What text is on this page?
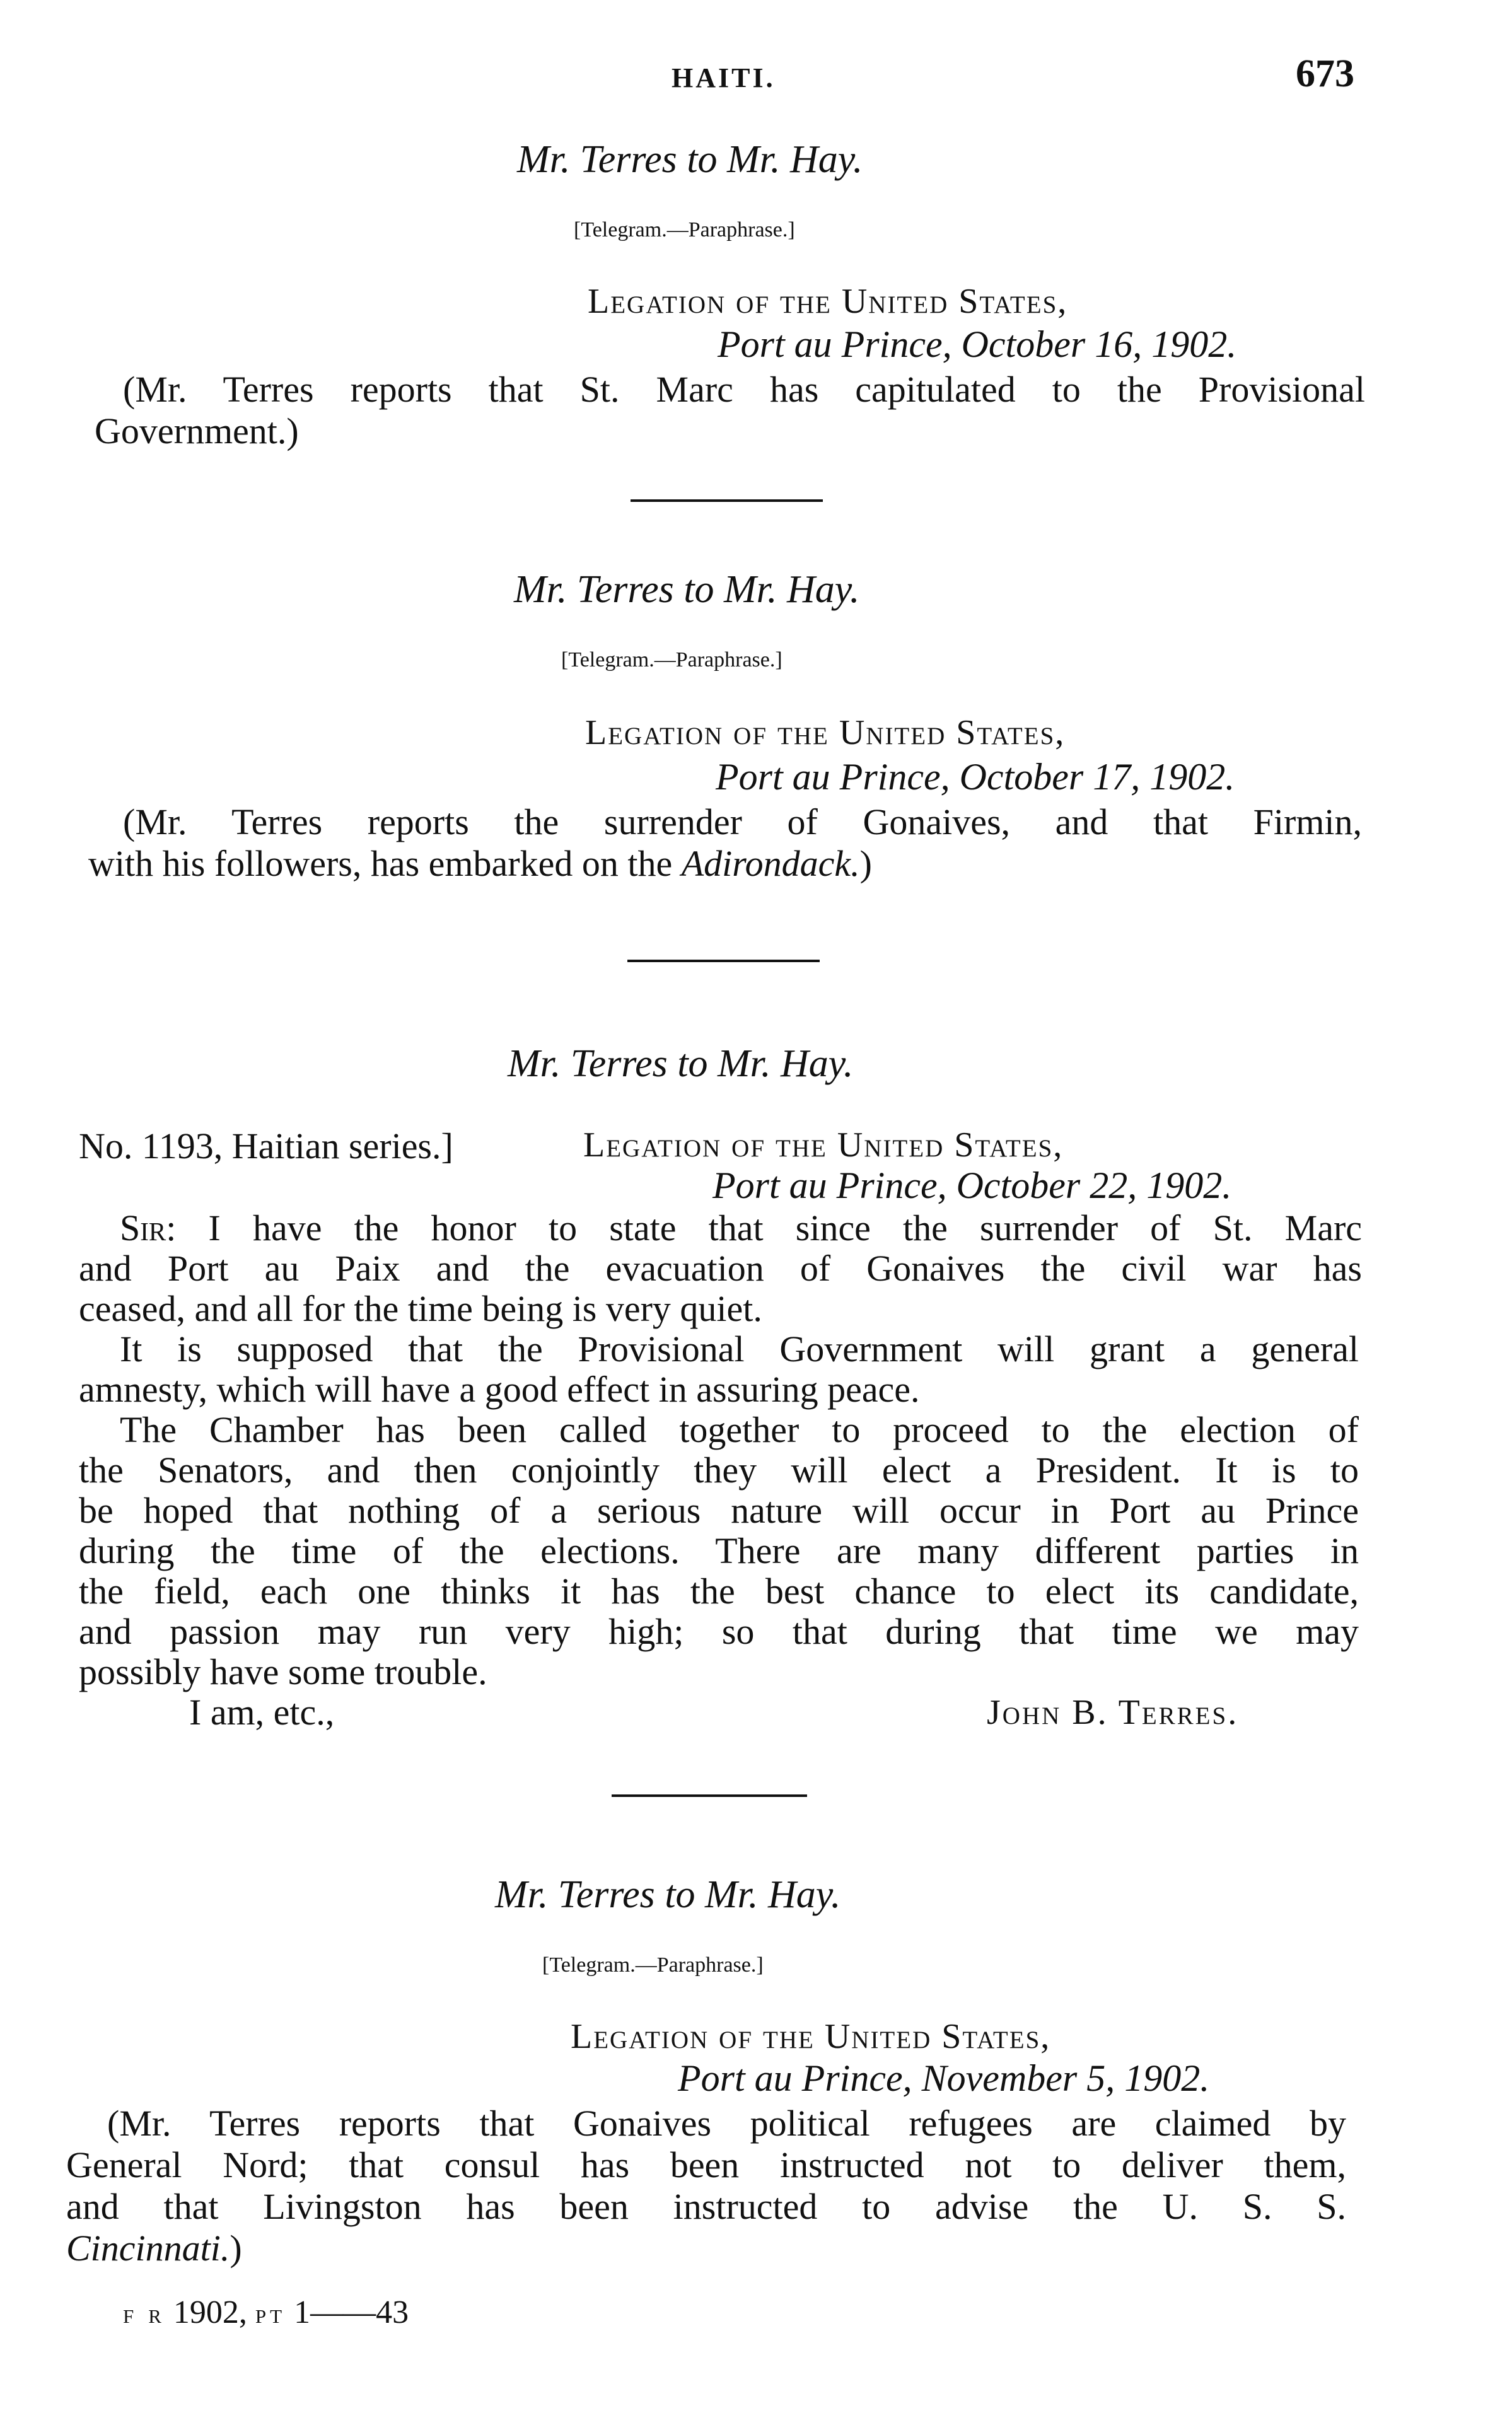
HAITI.	673
Mr. Terres to Mr. Hay.
[Telegram.—Paraphrase.]
Legation of the United States,
Port au Prince, October 16, 1902.
(Mr. Terres reports that St. Marc has capitulated to the Provisional
Government.)
Mr. Terres to Mr. Hay.
[Telegram.—Paraphrase.]
Legation of the United States,
Port au Prince, October 17, 1902.
(Mr. Terres reports the surrender of Gonaives, and that Firmin,
with his followers, has embarked on the Adirondack.)
Mr. Terres to Mr. Hay.
No. 1193, Haitian series.]	Legation of the United States,
Port au Prince, October 22, 1902.
Sir: I have the honor to state that since the surrender of St. Marc
and Port au Paix and the evacuation of Gonaives the civil war has
ceased, and all for the time being is very quiet.
It is supposed that the Provisional Government will grant a general
amnesty, which will have a good effect in assuring peace.
The Chamber has been called together to proceed to the election of
the Senators, and then conjointly they will elect a President. It is to
be hoped that nothing of a serious nature will occur in Port au Prince
during the time of the elections. There are many different parties in
the field, each one thinks it has the best chance to elect its candidate,
and passion may run very high; so that during that time we may
possibly have some trouble.
I am, etc.,	John B. Terres.
Mr. Terres to Mr. Hay.
[Telegram.—Paraphrase.]
Legation of the United States,
Port au Prince, November 5, 1902.
(Mr. Terres reports that Gonaives political refugees are claimed by
General Nord; that consul has been instructed not to deliver them,
and that Livingston has been instructed to advise the U. S. S.
Cincinnati.)
f r 1902, pt 1——43
